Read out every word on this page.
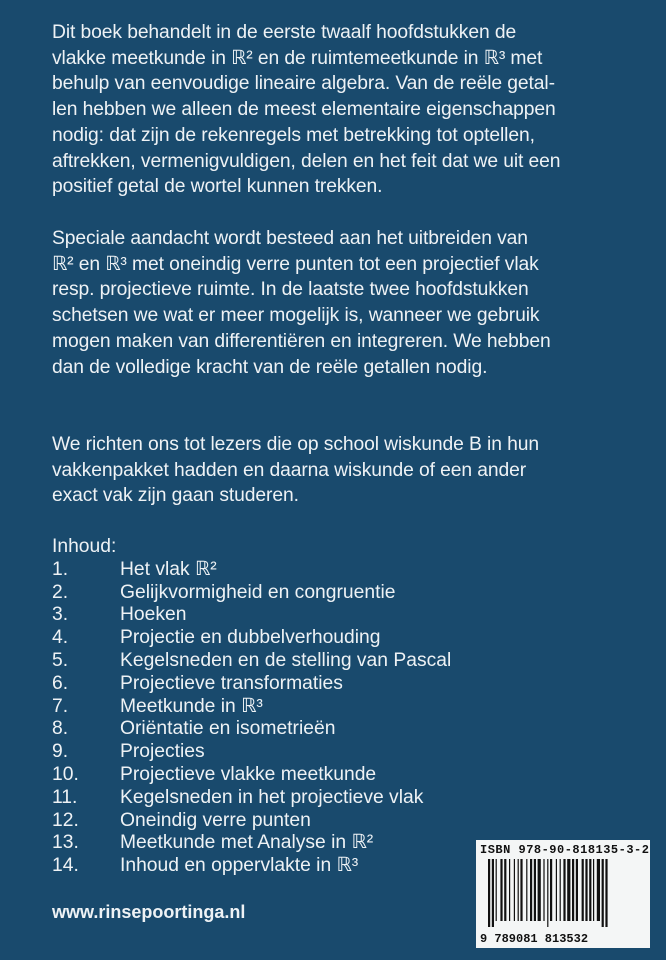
Dit boek behandelt in de eerste twaalf hoofdstukken de
vlakke meetkunde in ℝ² en de ruimtemeetkunde in ℝ³ met
behulp van eenvoudige lineaire algebra. Van de reële getal-
len hebben we alleen de meest elementaire eigenschappen
nodig: dat zijn de rekenregels met betrekking tot optellen,
aftrekken, vermenigvuldigen, delen en het feit dat we uit een
positief getal de wortel kunnen trekken.
Speciale aandacht wordt besteed aan het uitbreiden van
ℝ² en ℝ³ met oneindig verre punten tot een projectief vlak
resp. projectieve ruimte. In de laatste twee hoofdstukken
schetsen we wat er meer mogelijk is, wanneer we gebruik
mogen maken van differentiëren en integreren. We hebben
dan de volledige kracht van de reële getallen nodig.
We richten ons tot lezers die op school wiskunde B in hun
vakkenpakket hadden en daarna wiskunde of een ander
exact vak zijn gaan studeren.
Inhoud:
1.	Het vlak ℝ²
2.	Gelijkvormigheid en congruentie
3.	Hoeken
4.	Projectie en dubbelverhouding
5.	Kegelsneden en de stelling van Pascal
6.	Projectieve transformaties
7.	Meetkunde in ℝ³
8.	Oriëntatie en isometrieën
9.	Projecties
10.	Projectieve vlakke meetkunde
11.	Kegelsneden in het projectieve vlak
12.	Oneindig verre punten
13.	Meetkunde met Analyse in ℝ²
14.	Inhoud en oppervlakte in ℝ³
www.rinsepoortinga.nl
ISBN 978-90-818135-3-2
9 789081 813532
